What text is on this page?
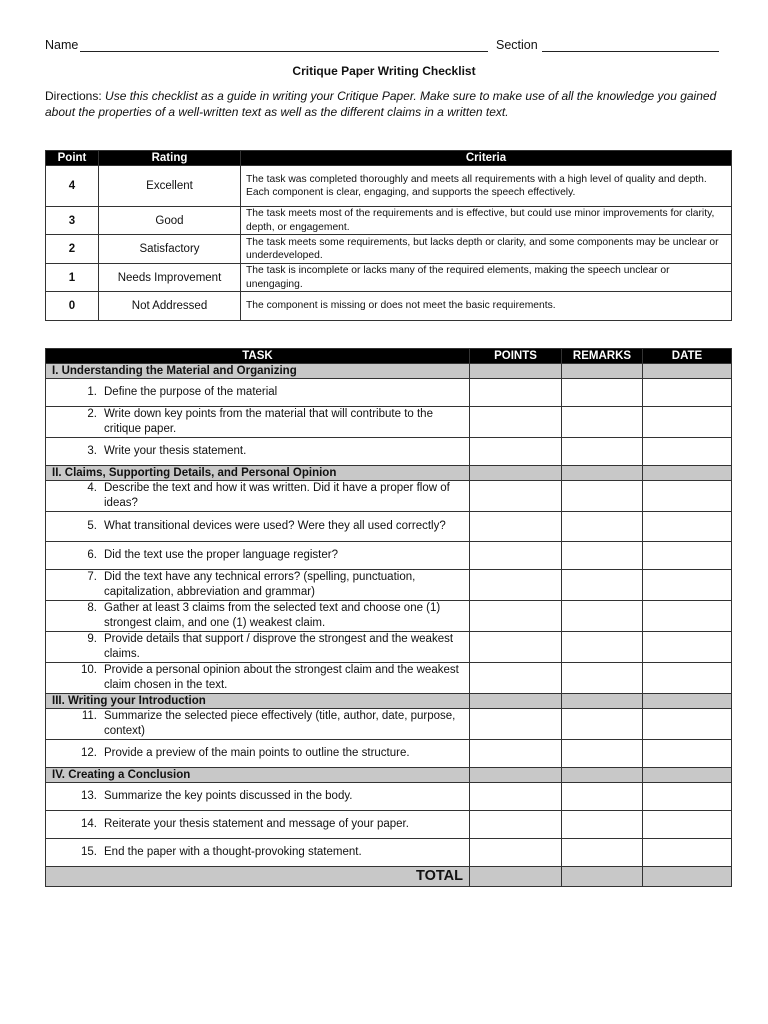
Name	Section
Critique Paper Writing Checklist
Directions: Use this checklist as a guide in writing your Critique Paper. Make sure to make use of all the knowledge you gained about the properties of a well-written text as well as the different claims in a written text.
Point	Rating	Criteria
4	Excellent	The task was completed thoroughly and meets all requirements with a high level of quality and depth. Each component is clear, engaging, and supports the speech effectively.
3	Good	The task meets most of the requirements and is effective, but could use minor improvements for clarity, depth, or engagement.
2	Satisfactory	The task meets some requirements, but lacks depth or clarity, and some components may be unclear or underdeveloped.
1	Needs Improvement	The task is incomplete or lacks many of the required elements, making the speech unclear or unengaging.
0	Not Addressed	The component is missing or does not meet the basic requirements.
TASK	POINTS	REMARKS	DATE
I. Understanding the Material and Organizing			

1. Define the purpose of the material			

2. Write down key points from the material that will contribute to the critique paper.			

3. Write your thesis statement.			

II. Claims, Supporting Details, and Personal Opinion			

4. Describe the text and how it was written. Did it have a proper flow of ideas?			

5. What transitional devices were used? Were they all used correctly?			

6. Did the text use the proper language register?			

7. Did the text have any technical errors? (spelling, punctuation, capitalization, abbreviation and grammar)			

8. Gather at least 3 claims from the selected text and choose one (1) strongest claim, and one (1) weakest claim.			

9. Provide details that support / disprove the strongest and the weakest claims.			

10. Provide a personal opinion about the strongest claim and the weakest claim chosen in the text.			

III. Writing your Introduction			

11. Summarize the selected piece effectively (title, author, date, purpose, context)			

12. Provide a preview of the main points to outline the structure.			

IV. Creating a Conclusion			

13. Summarize the key points discussed in the body.			

14. Reiterate your thesis statement and message of your paper.			

15. End the paper with a thought-provoking statement.			

TOTAL			
